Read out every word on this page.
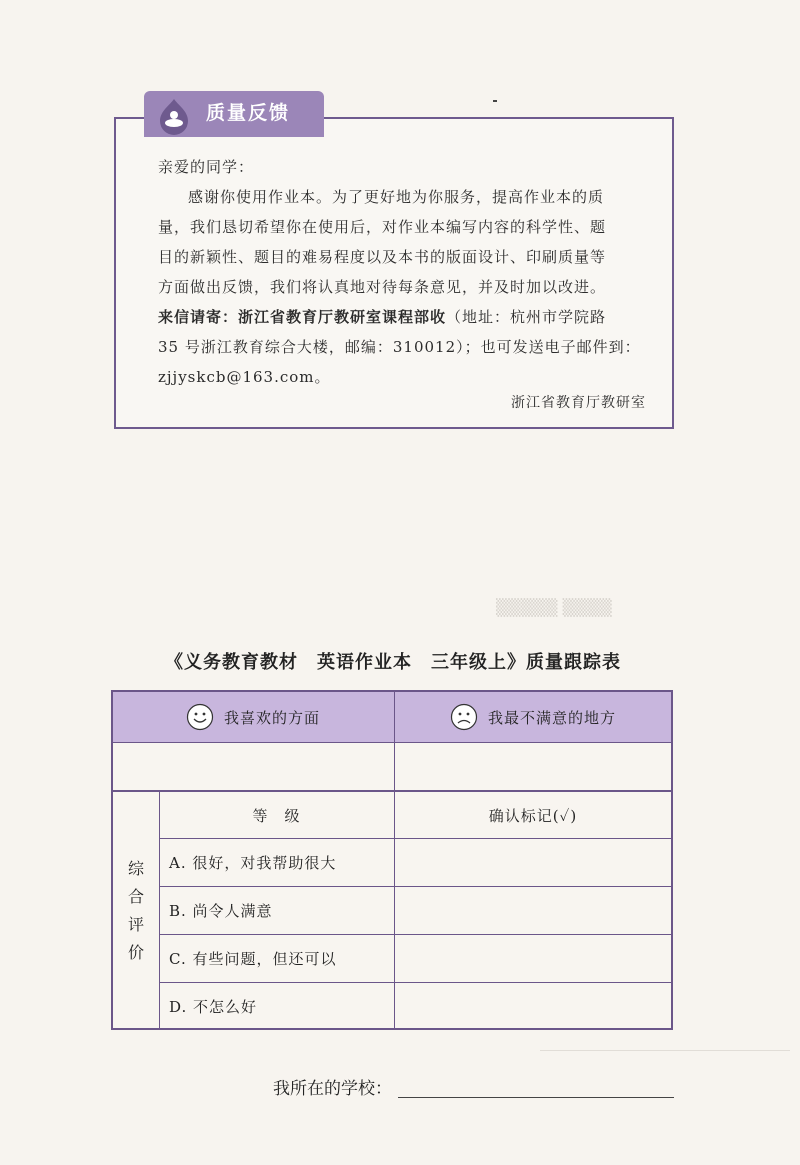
质量反馈
亲爱的同学：
感谢你使用作业本。为了更好地为你服务，提高作业本的质
量，我们恳切希望你在使用后，对作业本编写内容的科学性、题
目的新颖性、题目的难易程度以及本书的版面设计、印刷质量等
方面做出反馈，我们将认真地对待每条意见，并及时加以改进。
来信请寄：浙江省教育厅教研室课程部收（地址：杭州市学院路
35 号浙江教育综合大楼，邮编：310012）；也可发送电子邮件到：
zjjyskcb@163.com。
浙江省教育厅教研室
▒▒▒▒▒ ▒▒▒▒
《义务教育教材　英语作业本　三年级上》质量跟踪表
我喜欢的方面	我最不满意的地方
综
合
评
价
等　级	确认标记(✓)
A. 很好，对我帮助很大
B. 尚令人满意
C. 有些问题，但还可以
D. 不怎么好
我所在的学校：
